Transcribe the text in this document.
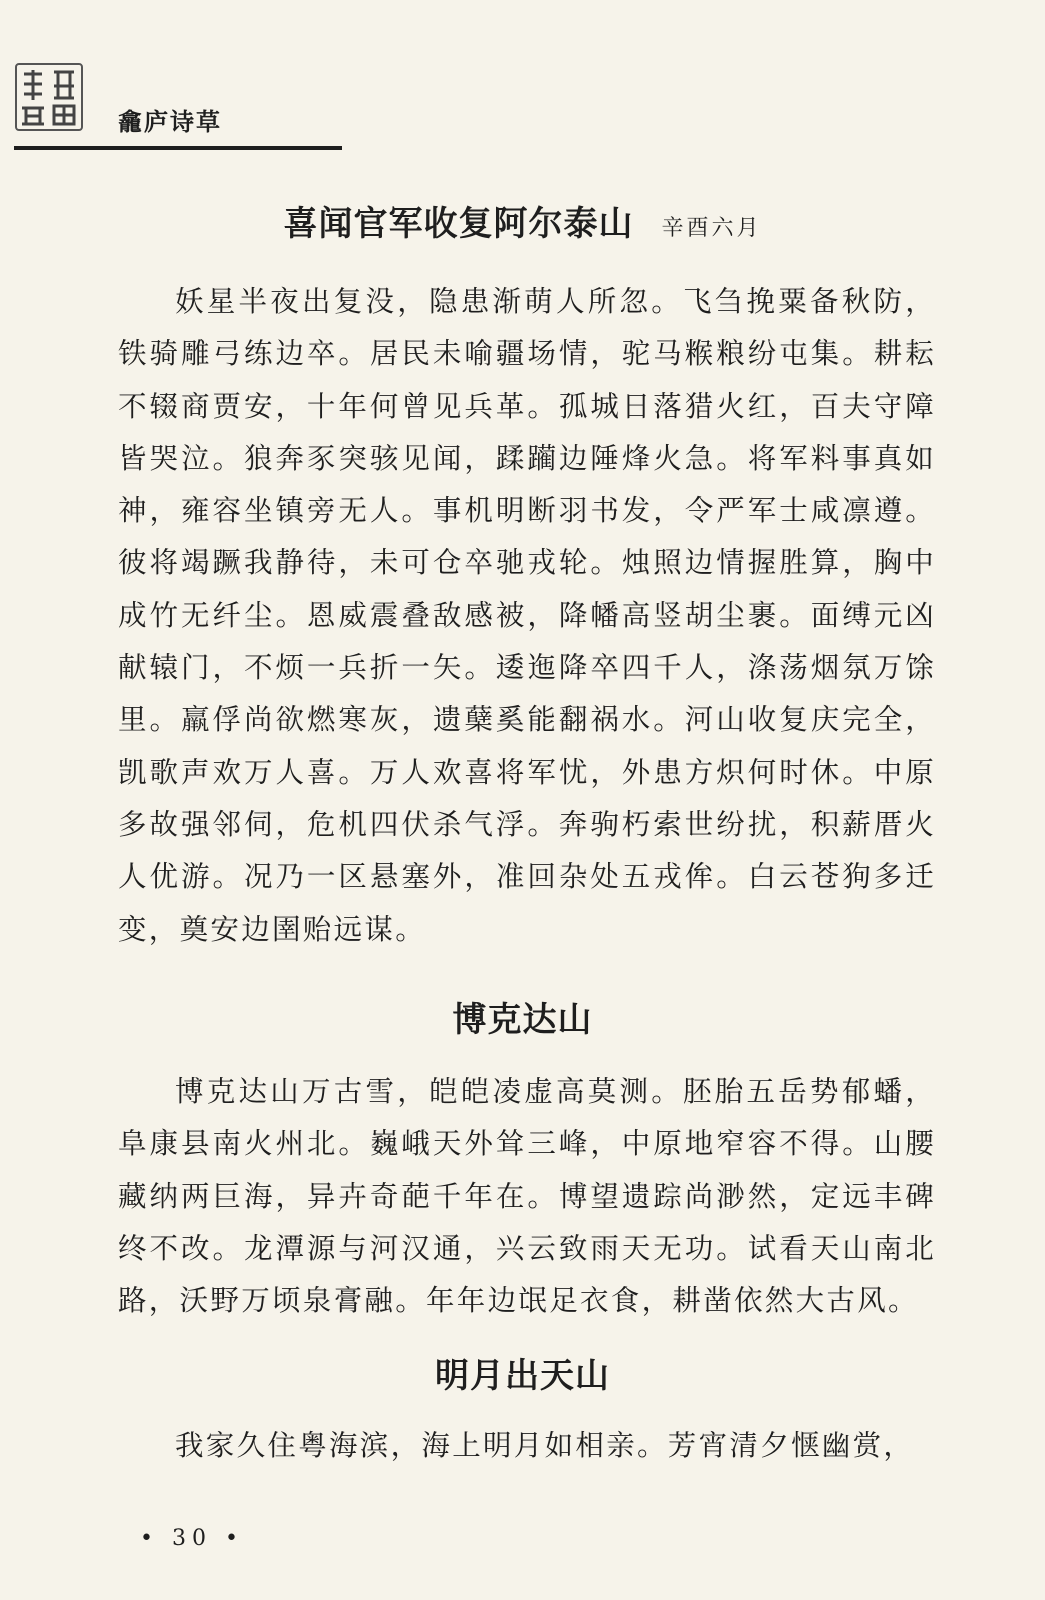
龕庐诗草
喜闻官军收复阿尔泰山 辛酉六月
妖星半夜出复没，隐患渐萌人所忽。飞刍挽粟备秋防，铁骑雕弓练边卒。居民未喻疆场情，驼马糇粮纷屯集。耕耘不辍商贾安，十年何曾见兵革。孤城日落猎火红，百夫守障皆哭泣。狼奔豕突骇见闻，蹂躏边陲烽火急。将军料事真如神，雍容坐镇旁无人。事机明断羽书发，令严军士咸凛遵。彼将竭蹶我静待，未可仓卒驰戎轮。烛照边情握胜算，胸中成竹无纤尘。恩威震叠敌感被，降幡高竖胡尘裹。面缚元凶献辕门，不烦一兵折一矢。逶迤降卒四千人，涤荡烟氛万馀里。羸俘尚欲燃寒灰，遗蘖奚能翻祸水。河山收复庆完全，凯歌声欢万人喜。万人欢喜将军忧，外患方炽何时休。中原多故强邻伺，危机四伏杀气浮。奔驹朽索世纷扰，积薪厝火人优游。况乃一区悬塞外，准回杂处五戎侔。白云苍狗多迁变，奠安边圉贻远谋。
博克达山
博克达山万古雪，皑皑凌虚高莫测。胚胎五岳势郁蟠，阜康县南火州北。巍峨天外耸三峰，中原地窄容不得。山腰藏纳两巨海，异卉奇葩千年在。博望遗踪尚渺然，定远丰碑终不改。龙潭源与河汉通，兴云致雨天无功。试看天山南北路，沃野万顷泉膏融。年年边氓足衣食，耕凿依然大古风。
明月出天山
我家久住粤海滨，海上明月如相亲。芳宵清夕惬幽赏，
• 30 •
